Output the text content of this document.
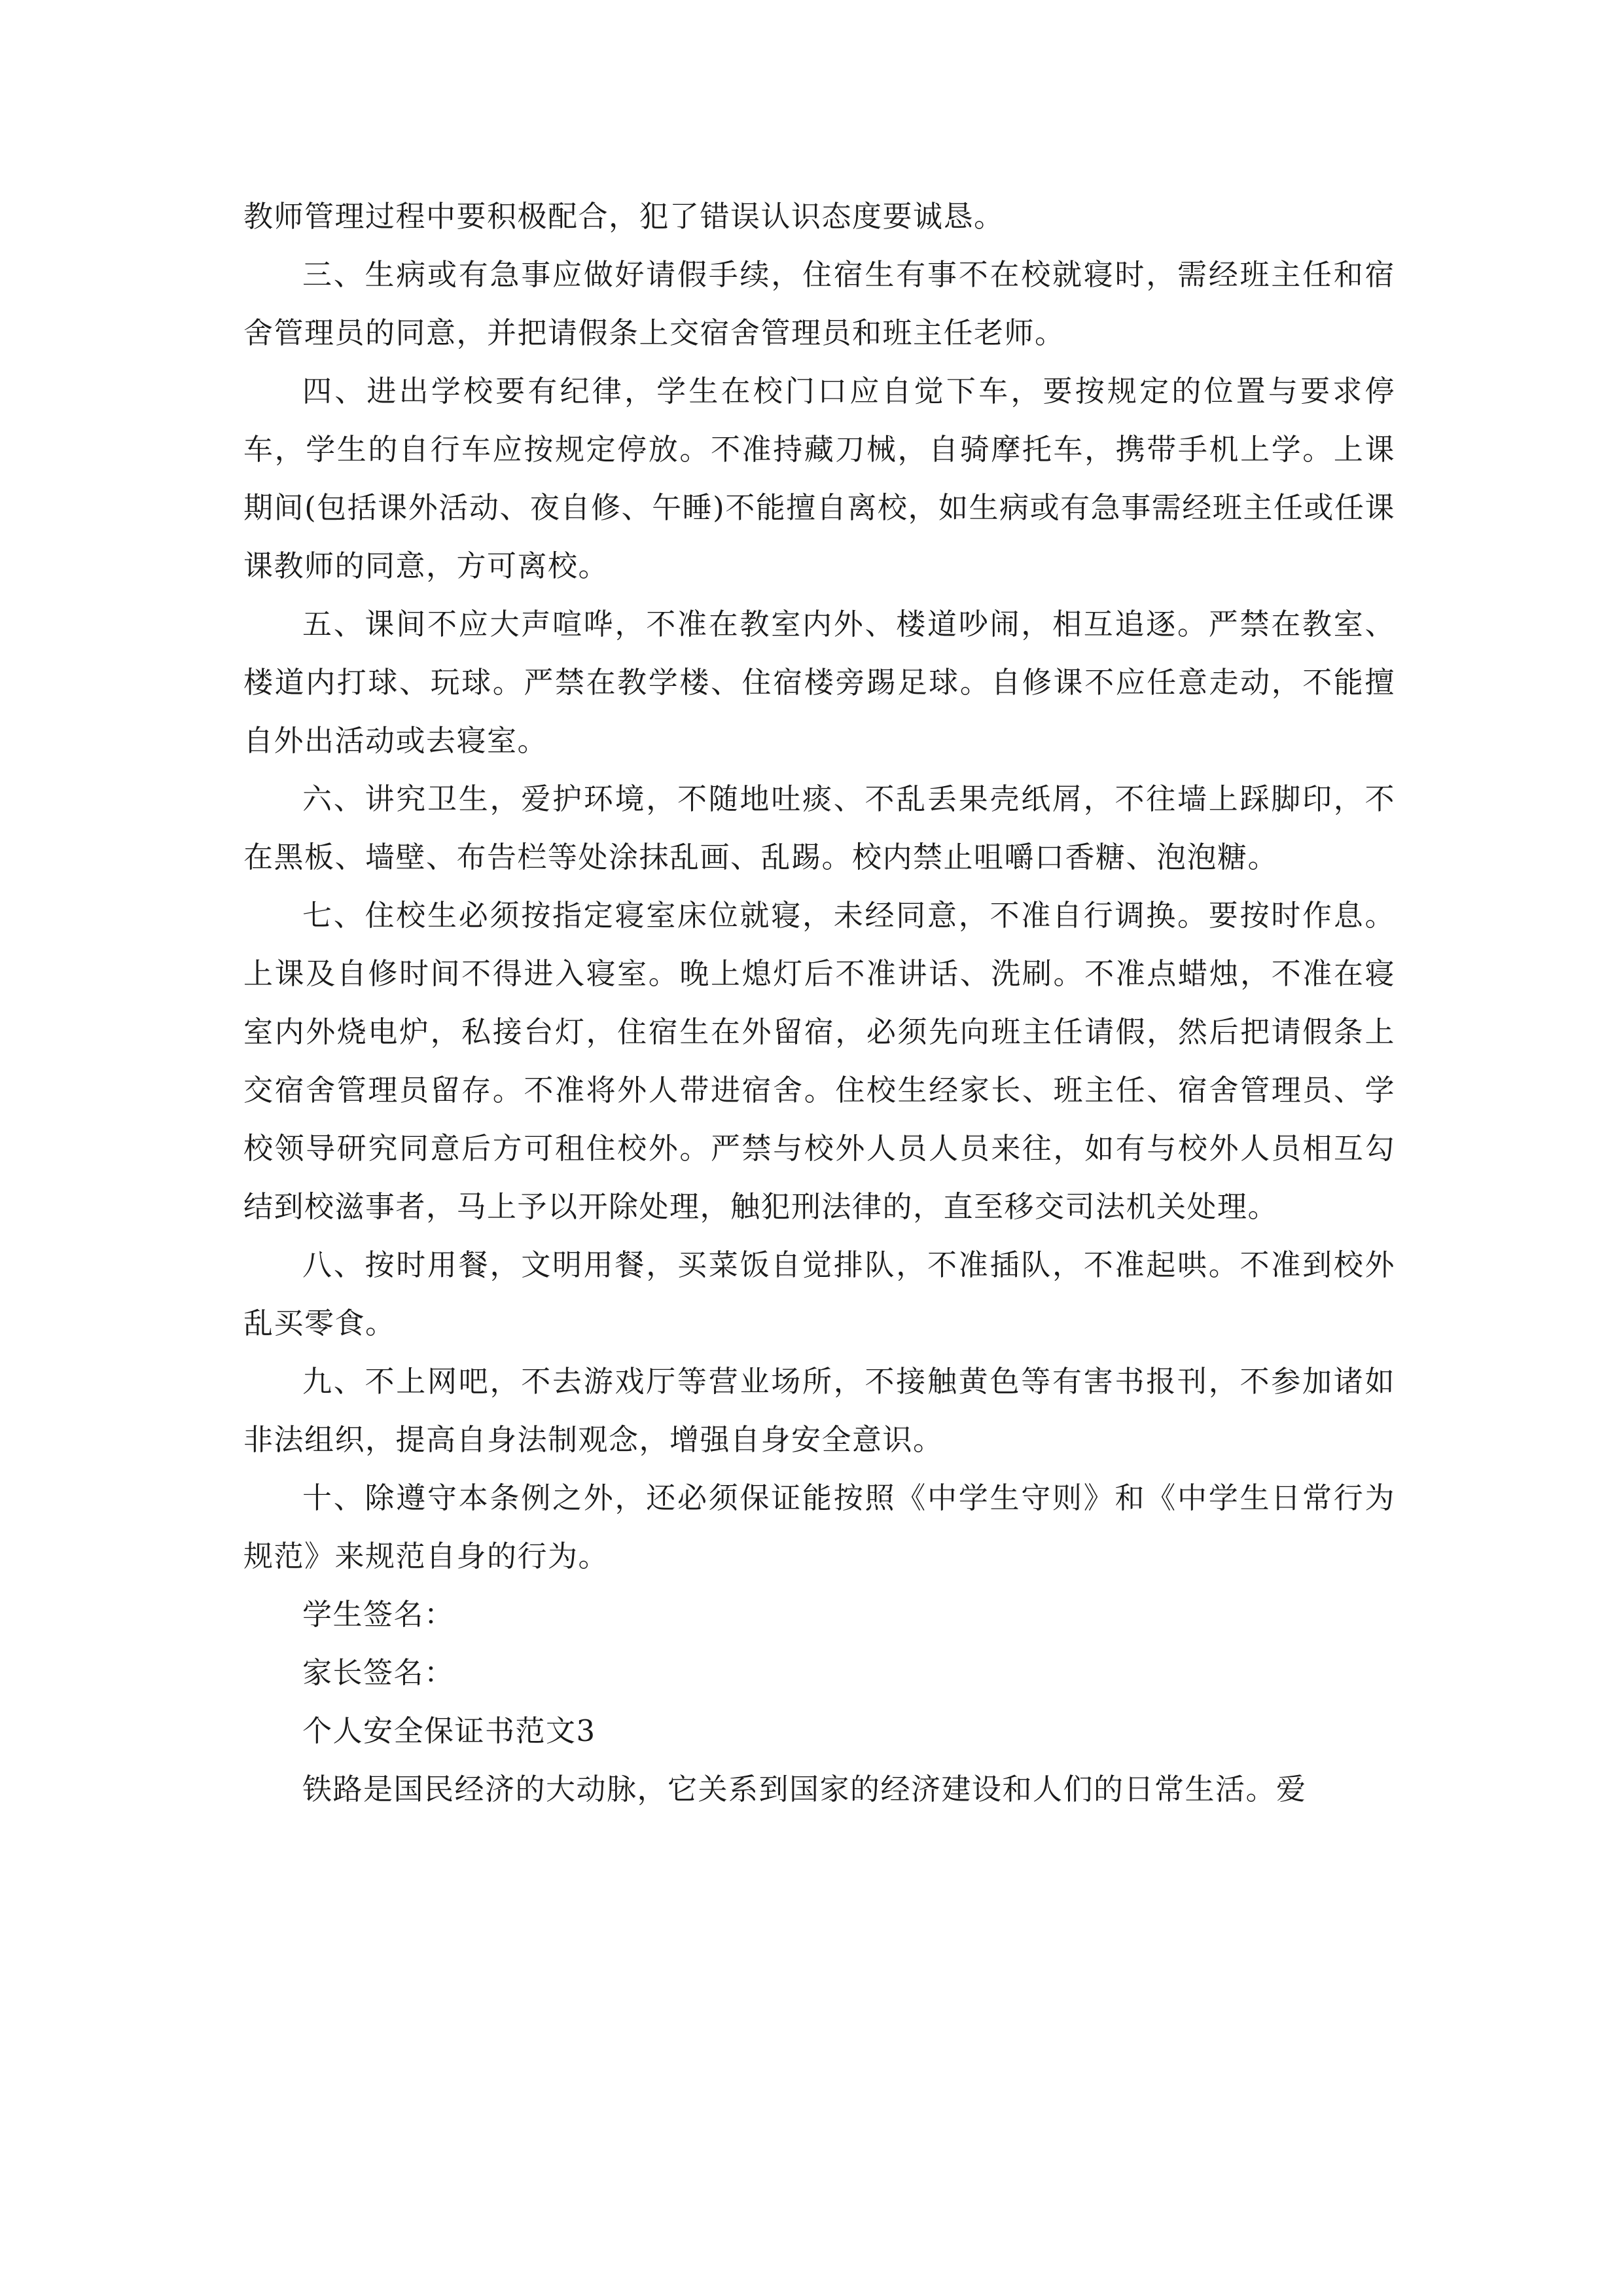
教师管理过程中要积极配合，犯了错误认识态度要诚恳。

三、生病或有急事应做好请假手续，住宿生有事不在校就寝时，需经班主任和宿舍管理员的同意，并把请假条上交宿舍管理员和班主任老师。

四、进出学校要有纪律，学生在校门口应自觉下车，要按规定的位置与要求停车，学生的自行车应按规定停放。不准持藏刀械，自骑摩托车，携带手机上学。上课期间(包括课外活动、夜自修、午睡)不能擅自离校，如生病或有急事需经班主任或任课课教师的同意，方可离校。

五、课间不应大声喧哗，不准在教室内外、楼道吵闹，相互追逐。严禁在教室、楼道内打球、玩球。严禁在教学楼、住宿楼旁踢足球。自修课不应任意走动，不能擅自外出活动或去寝室。

六、讲究卫生，爱护环境，不随地吐痰、不乱丢果壳纸屑，不往墙上踩脚印，不在黑板、墙壁、布告栏等处涂抹乱画、乱踢。校内禁止咀嚼口香糖、泡泡糖。

七、住校生必须按指定寝室床位就寝，未经同意，不准自行调换。要按时作息。上课及自修时间不得进入寝室。晚上熄灯后不准讲话、洗刷。不准点蜡烛，不准在寝室内外烧电炉，私接台灯，住宿生在外留宿，必须先向班主任请假，然后把请假条上交宿舍管理员留存。不准将外人带进宿舍。住校生经家长、班主任、宿舍管理员、学校领导研究同意后方可租住校外。严禁与校外人员人员来往，如有与校外人员相互勾结到校滋事者，马上予以开除处理，触犯刑法律的，直至移交司法机关处理。

八、按时用餐，文明用餐，买菜饭自觉排队，不准插队，不准起哄。不准到校外乱买零食。

九、不上网吧，不去游戏厅等营业场所，不接触黄色等有害书报刊，不参加诸如非法组织，提高自身法制观念，增强自身安全意识。

十、除遵守本条例之外，还必须保证能按照《中学生守则》和《中学生日常行为规范》来规范自身的行为。

学生签名：

家长签名：

个人安全保证书范文3

铁路是国民经济的大动脉，它关系到国家的经济建设和人们的日常生活。爱
